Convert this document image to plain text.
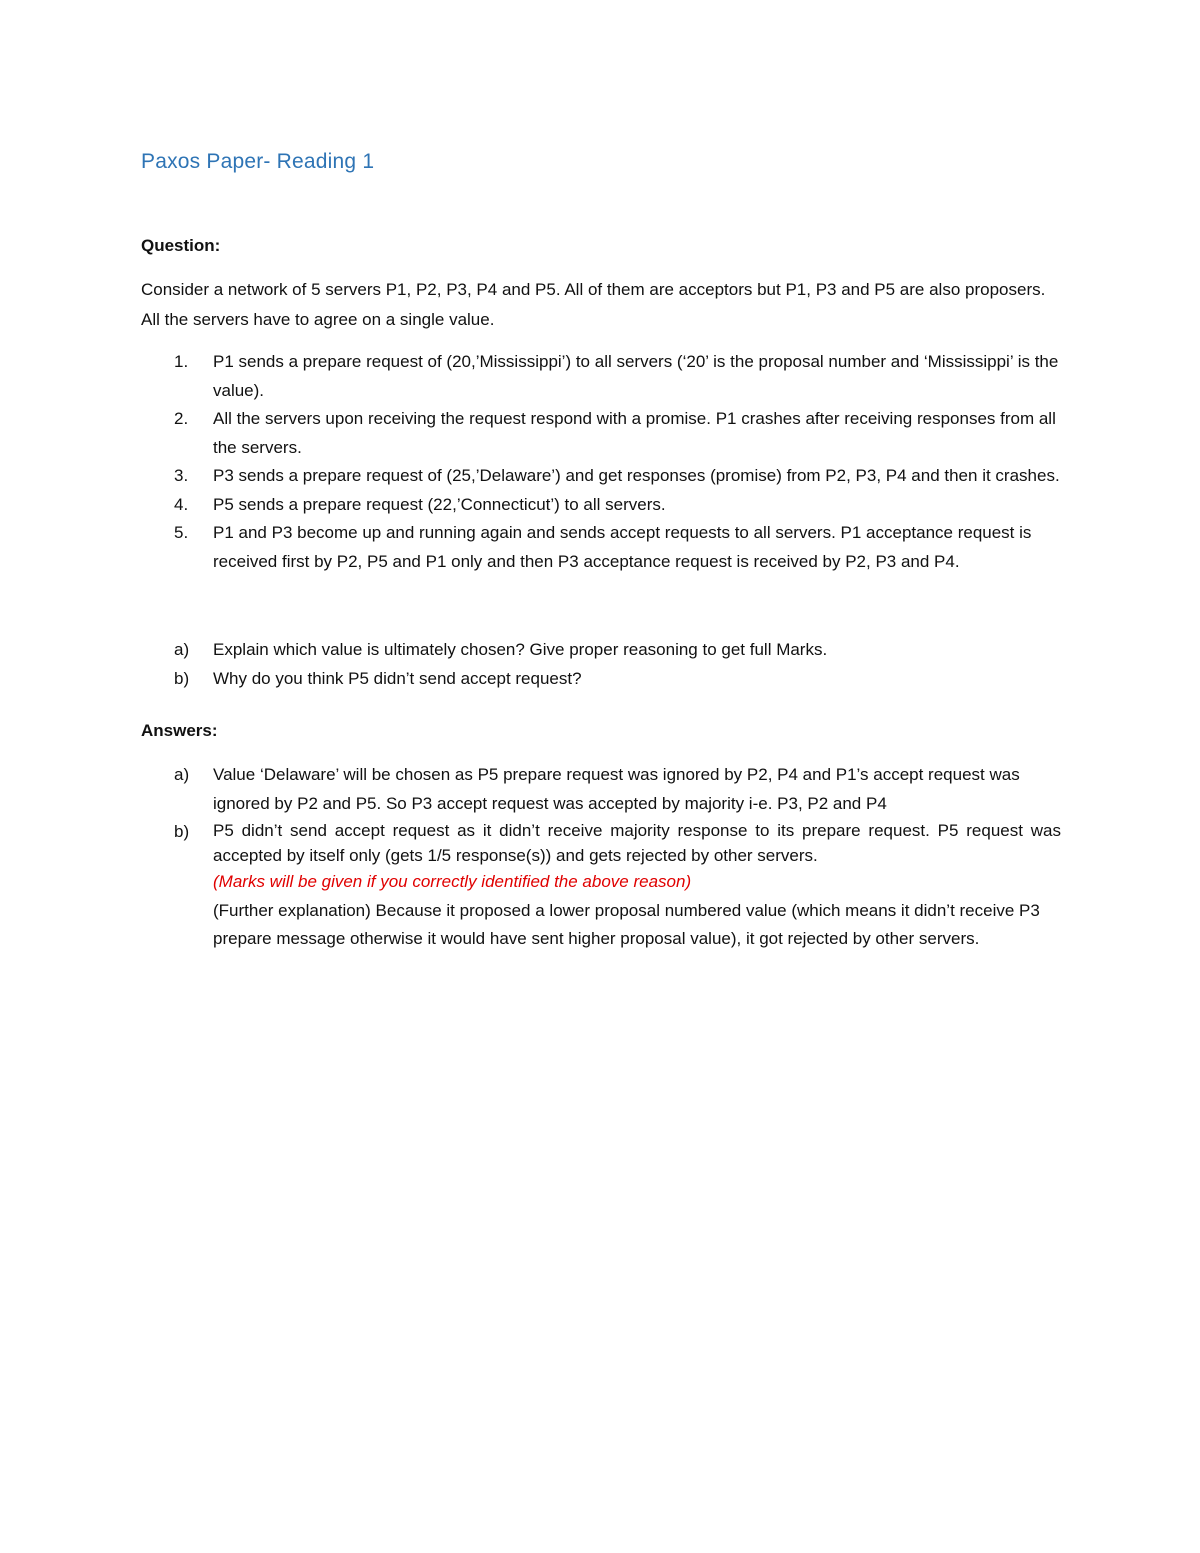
Paxos Paper- Reading 1

Question:

Consider a network of 5 servers P1, P2, P3, P4 and P5. All of them are acceptors but P1, P3 and P5 are also proposers. All the servers have to agree on a single value.

1. P1 sends a prepare request of (20,’Mississippi’) to all servers (‘20’ is the proposal number and ‘Mississippi’ is the value).
2. All the servers upon receiving the request respond with a promise. P1 crashes after receiving responses from all the servers.
3. P3 sends a prepare request of (25,’Delaware’) and get responses (promise) from P2, P3, P4 and then it crashes.
4. P5 sends a prepare request (22,’Connecticut’) to all servers.
5. P1 and P3 become up and running again and sends accept requests to all servers. P1 acceptance request is received first by P2, P5 and P1 only and then P3 acceptance request is received by P2, P3 and P4.
a) Explain which value is ultimately chosen? Give proper reasoning to get full Marks.
b) Why do you think P5 didn’t send accept request?

Answers:

a) Value ‘Delaware’ will be chosen as P5 prepare request was ignored by P2, P4 and P1’s accept request was ignored by P2 and P5. So P3 accept request was accepted by majority i-e. P3, P2 and P4
b) P5 didn’t send accept request as it didn’t receive majority response to its prepare request. P5 request was accepted by itself only (gets 1/5 response(s)) and gets rejected by other servers.
(Marks will be given if you correctly identified the above reason)
(Further explanation) Because it proposed a lower proposal numbered value (which means it didn’t receive P3 prepare message otherwise it would have sent higher proposal value), it got rejected by other servers.
